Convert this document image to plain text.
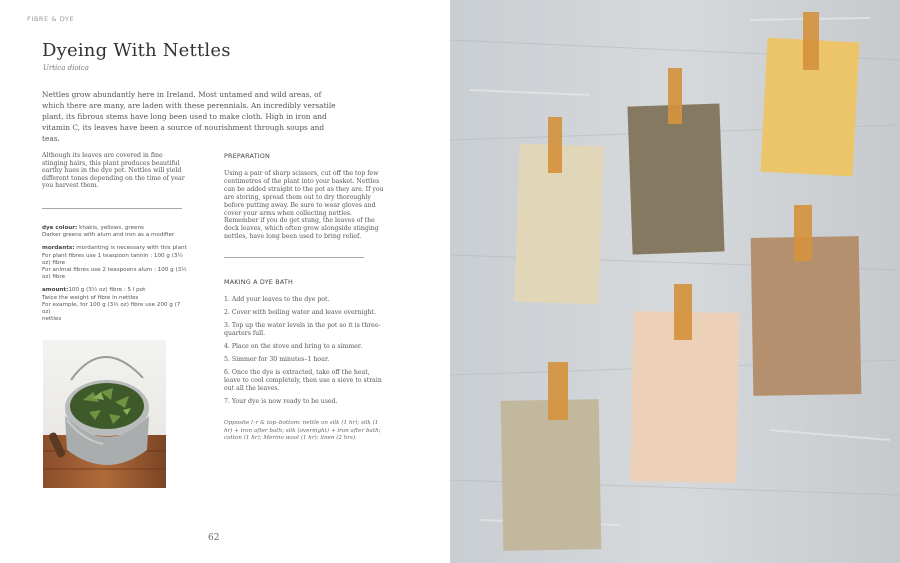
FIBRE & DYE
Dyeing With Nettles
Urtica dioica

Nettles grow abundantly here in Ireland. Most untamed and wild areas, of which there are many, are laden with these perennials. An incredibly versatile plant, its fibrous stems have long been used to make cloth. High in iron and vitamin C, its leaves have been a source of nourishment through soups and teas.

Although its leaves are covered in fine stinging hairs, this plant produces beautiful earthy hues in the dye pot. Nettles will yield different tones depending on the time of year you harvest them.

dye colour: khakis, yellows, greens

Darker greens with alum and iron as a modifier

mordants: mordanting is necessary with this plant

For plant fibres use 1 teaspoon tannin : 100 g (3½ oz) fibre

For animal fibres use 2 teaspoons alum : 100 g (3½ oz) fibre

amount:100 g (3½ oz) fibre : 5 l pot

Twice the weight of fibre in nettles

For example, for 100 g (3½ oz) fibre use 200 g (7 oz)

nettles

PREPARATION

Using a pair of sharp scissors, cut off the top few centimetres of the plant into your basket. Nettles can be added straight to the pot as they are. If you are storing, spread them out to dry thoroughly before putting away. Be sure to wear gloves and cover your arms when collecting nettles. Remember if you do get stung, the leaves of the dock leaves, which often grow alongside stinging nettles, have long been used to bring relief.

MAKING A DYE BATH

1. Add your leaves to the dye pot.

2. Cover with boiling water and leave overnight.

3. Top up the water levels in the pot so it is three-quarters full.

4. Place on the stove and bring to a simmer.

5. Simmer for 30 minutes–1 hour.

6. Once the dye is extracted, take off the heat, leave to cool completely, then use a sieve to strain out all the leaves.

7. Your dye is now ready to be used.

Opposite l–r & top–bottom: nettle on silk (1 hr); silk (1 hr) + iron after bath; silk (overnight) + iron after bath; cotton (1 hr); Merino wool (1 hr); linen (2 hrs).

62
